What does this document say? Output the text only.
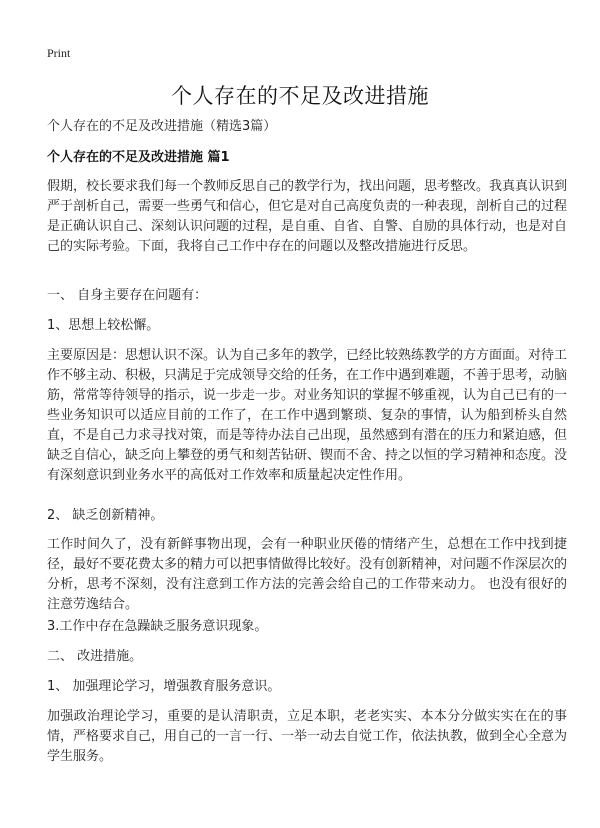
Print
个人存在的不足及改进措施
个人存在的不足及改进措施（精选3篇）
个人存在的不足及改进措施 篇1
假期，校长要求我们每一个教师反思自己的教学行为，找出问题，思考整改。我真真认识到严于剖析自己，需要一些勇气和信心，但它是对自己高度负责的一种表现，剖析自己的过程是正确认识自己、深刻认识问题的过程，是自重、自省、自警、自励的具体行动，也是对自己的实际考验。下面，我将自己工作中存在的问题以及整改措施进行反思。
一、 自身主要存在问题有：
1、思想上较松懈。
主要原因是：思想认识不深。认为自己多年的教学，已经比较熟练教学的方方面面。对待工作不够主动、积极，只满足于完成领导交给的任务，在工作中遇到难题，不善于思考，动脑筋，常常等待领导的指示，说一步走一步。对业务知识的掌握不够重视，认为自己已有的一些业务知识可以适应目前的工作了，在工作中遇到繁琐、复杂的事情，认为船到桥头自然直，不是自己力求寻找对策，而是等待办法自己出现，虽然感到有潜在的压力和紧迫感，但缺乏自信心，缺乏向上攀登的勇气和刻苦钻研、锲而不舍、持之以恒的学习精神和态度。没有深刻意识到业务水平的高低对工作效率和质量起决定性作用。
2、 缺乏创新精神。
工作时间久了，没有新鲜事物出现，会有一种职业厌倦的情绪产生，总想在工作中找到捷径，最好不要花费太多的精力可以把事情做得比较好。没有创新精神，对问题不作深层次的分析，思考不深刻，没有注意到工作方法的完善会给自己的工作带来动力。 也没有很好的注意劳逸结合。
3.工作中存在急躁缺乏服务意识现象。
二、 改进措施。
1、 加强理论学习，增强教育服务意识。
加强政治理论学习，重要的是认清职责，立足本职，老老实实、本本分分做实实在在的事情，严格要求自己，用自己的一言一行、一举一动去自觉工作，依法执教，做到全心全意为学生服务。
